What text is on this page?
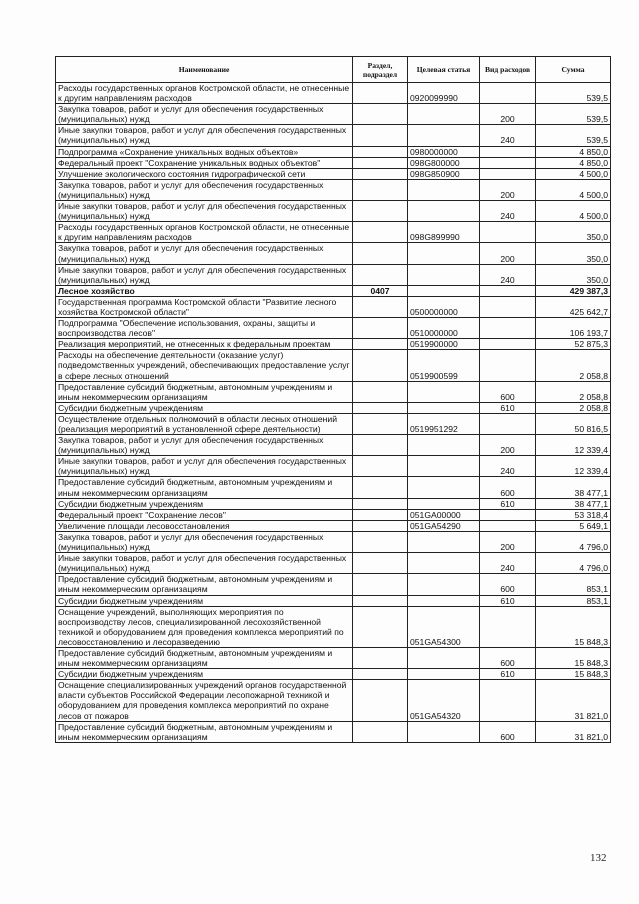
Наименование	Раздел, подраздел	Целевая статья	Вид расходов	Сумма
Расходы государственных органов Костромской области, не отнесенные к другим направлениям расходов		0920099990		539,5
Закупка товаров, работ и услуг для обеспечения государственных (муниципальных) нужд			200	539,5
Иные закупки товаров, работ и услуг для обеспечения государственных (муниципальных) нужд			240	539,5
Подпрограмма «Сохранение уникальных водных объектов»		0980000000		4 850,0
Федеральный проект "Сохранение уникальных водных объектов"		098G800000		4 850,0
Улучшение экологического состояния гидрографической сети		098G850900		4 500,0
Закупка товаров, работ и услуг для обеспечения государственных (муниципальных) нужд			200	4 500,0
Иные закупки товаров, работ и услуг для обеспечения государственных (муниципальных) нужд			240	4 500,0
Расходы государственных органов Костромской области, не отнесенные к другим направлениям расходов		098G899990		350,0
Закупка товаров, работ и услуг для обеспечения государственных (муниципальных) нужд			200	350,0
Иные закупки товаров, работ и услуг для обеспечения государственных (муниципальных) нужд			240	350,0
Лесное хозяйство	0407			429 387,3
Государственная программа Костромской области "Развитие лесного хозяйства Костромской области"		0500000000		425 642,7
Подпрограмма "Обеспечение использования, охраны, защиты и воспроизводства лесов"		0510000000		106 193,7
Реализация мероприятий, не отнесенных к федеральным проектам		0519900000		52 875,3
Расходы на обеспечение деятельности (оказание услуг) подведомственных учреждений, обеспечивающих предоставление услуг в сфере лесных отношений		0519900599		2 058,8
Предоставление субсидий бюджетным, автономным учреждениям и иным некоммерческим организациям			600	2 058,8
Субсидии бюджетным учреждениям			610	2 058,8
Осуществление отдельных полномочий в области лесных отношений (реализация мероприятий в установленной сфере деятельности)		0519951292		50 816,5
Закупка товаров, работ и услуг для обеспечения государственных (муниципальных) нужд			200	12 339,4
Иные закупки товаров, работ и услуг для обеспечения государственных (муниципальных) нужд			240	12 339,4
Предоставление субсидий бюджетным, автономным учреждениям и иным некоммерческим организациям			600	38 477,1
Субсидии бюджетным учреждениям			610	38 477,1
Федеральный проект "Сохранение лесов"		051GA00000		53 318,4
Увеличение площади лесовосстановления		051GA54290		5 649,1
Закупка товаров, работ и услуг для обеспечения государственных (муниципальных) нужд			200	4 796,0
Иные закупки товаров, работ и услуг для обеспечения государственных (муниципальных) нужд			240	4 796,0
Предоставление субсидий бюджетным, автономным учреждениям и иным некоммерческим организациям			600	853,1
Субсидии бюджетным учреждениям			610	853,1
Оснащение учреждений, выполняющих мероприятия по воспроизводству лесов, специализированной лесохозяйственной техникой и оборудованием для проведения комплекса мероприятий по лесовосстановлению и лесоразведению		051GA54300		15 848,3
Предоставление субсидий бюджетным, автономным учреждениям и иным некоммерческим организациям			600	15 848,3
Субсидии бюджетным учреждениям			610	15 848,3
Оснащение специализированных учреждений органов государственной власти субъектов Российской Федерации лесопожарной техникой и оборудованием для проведения комплекса мероприятий по охране лесов от пожаров		051GA54320		31 821,0
Предоставление субсидий бюджетным, автономным учреждениям и иным некоммерческим организациям			600	31 821,0
132
